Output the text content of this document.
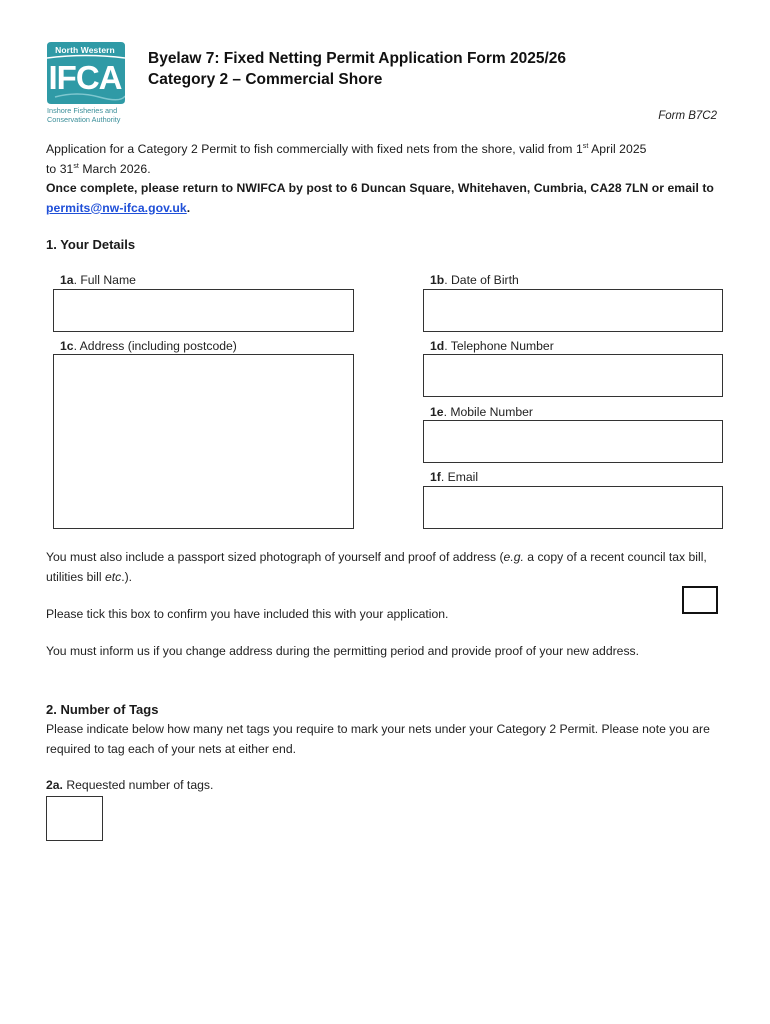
North Western
IFCA
Inshore Fisheries and
Conservation Authority
Byelaw 7: Fixed Netting Permit Application Form 2025/26
Category 2 – Commercial Shore
Form B7C2
Application for a Category 2 Permit to fish commercially with fixed nets from the shore, valid from 1st April 2025
to 31st March 2026.
Once complete, please return to NWIFCA by post to 6 Duncan Square, Whitehaven, Cumbria, CA28 7LN or email to permits@nw-ifca.gov.uk.
1. Your Details
1a. Full Name	1b. Date of Birth
1c. Address (including postcode)	1d. Telephone Number
1e. Mobile Number
1f. Email
You must also include a passport sized photograph of yourself and proof of address (e.g. a copy of a recent council tax bill, utilities bill etc.).
Please tick this box to confirm you have included this with your application.
You must inform us if you change address during the permitting period and provide proof of your new address.
2. Number of Tags
Please indicate below how many net tags you require to mark your nets under your Category 2 Permit. Please note you are required to tag each of your nets at either end.
2a. Requested number of tags.
